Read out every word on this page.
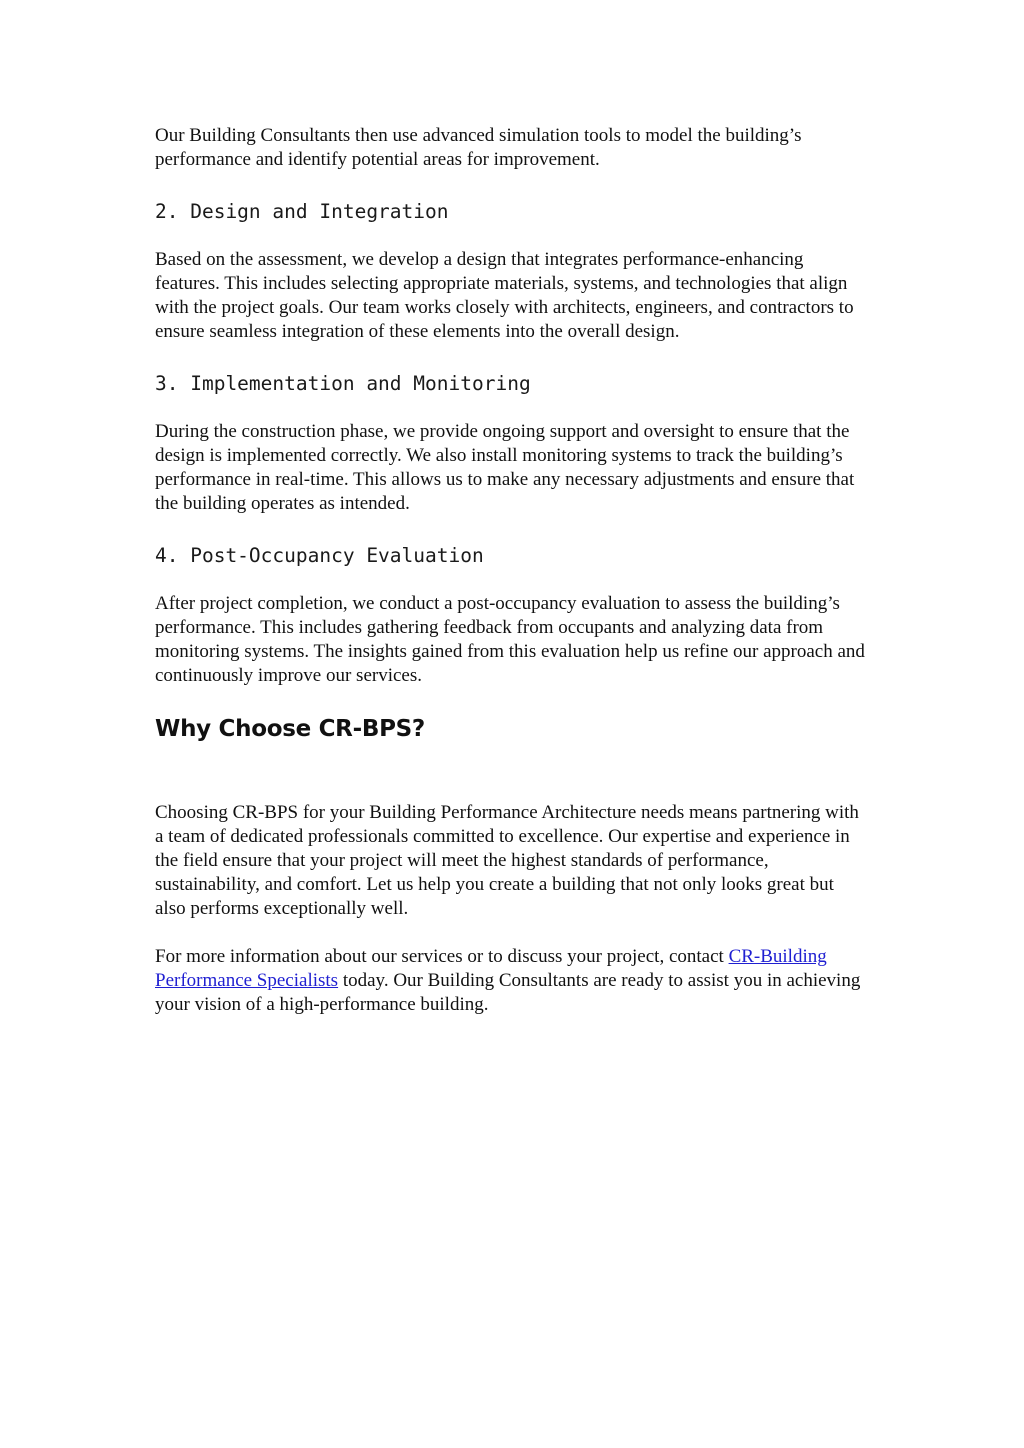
Our Building Consultants then use advanced simulation tools to model the building’s performance and identify potential areas for improvement.

2. Design and Integration

Based on the assessment, we develop a design that integrates performance-enhancing features. This includes selecting appropriate materials, systems, and technologies that align with the project goals. Our team works closely with architects, engineers, and contractors to ensure seamless integration of these elements into the overall design.

3. Implementation and Monitoring

During the construction phase, we provide ongoing support and oversight to ensure that the design is implemented correctly. We also install monitoring systems to track the building’s performance in real-time. This allows us to make any necessary adjustments and ensure that the building operates as intended.

4. Post-Occupancy Evaluation

After project completion, we conduct a post-occupancy evaluation to assess the building’s performance. This includes gathering feedback from occupants and analyzing data from monitoring systems. The insights gained from this evaluation help us refine our approach and continuously improve our services.

Why Choose CR-BPS?

Choosing CR-BPS for your Building Performance Architecture needs means partnering with a team of dedicated professionals committed to excellence. Our expertise and experience in the field ensure that your project will meet the highest standards of performance, sustainability, and comfort. Let us help you create a building that not only looks great but also performs exceptionally well.

For more information about our services or to discuss your project, contact CR-Building Performance Specialists today. Our Building Consultants are ready to assist you in achieving your vision of a high-performance building.
